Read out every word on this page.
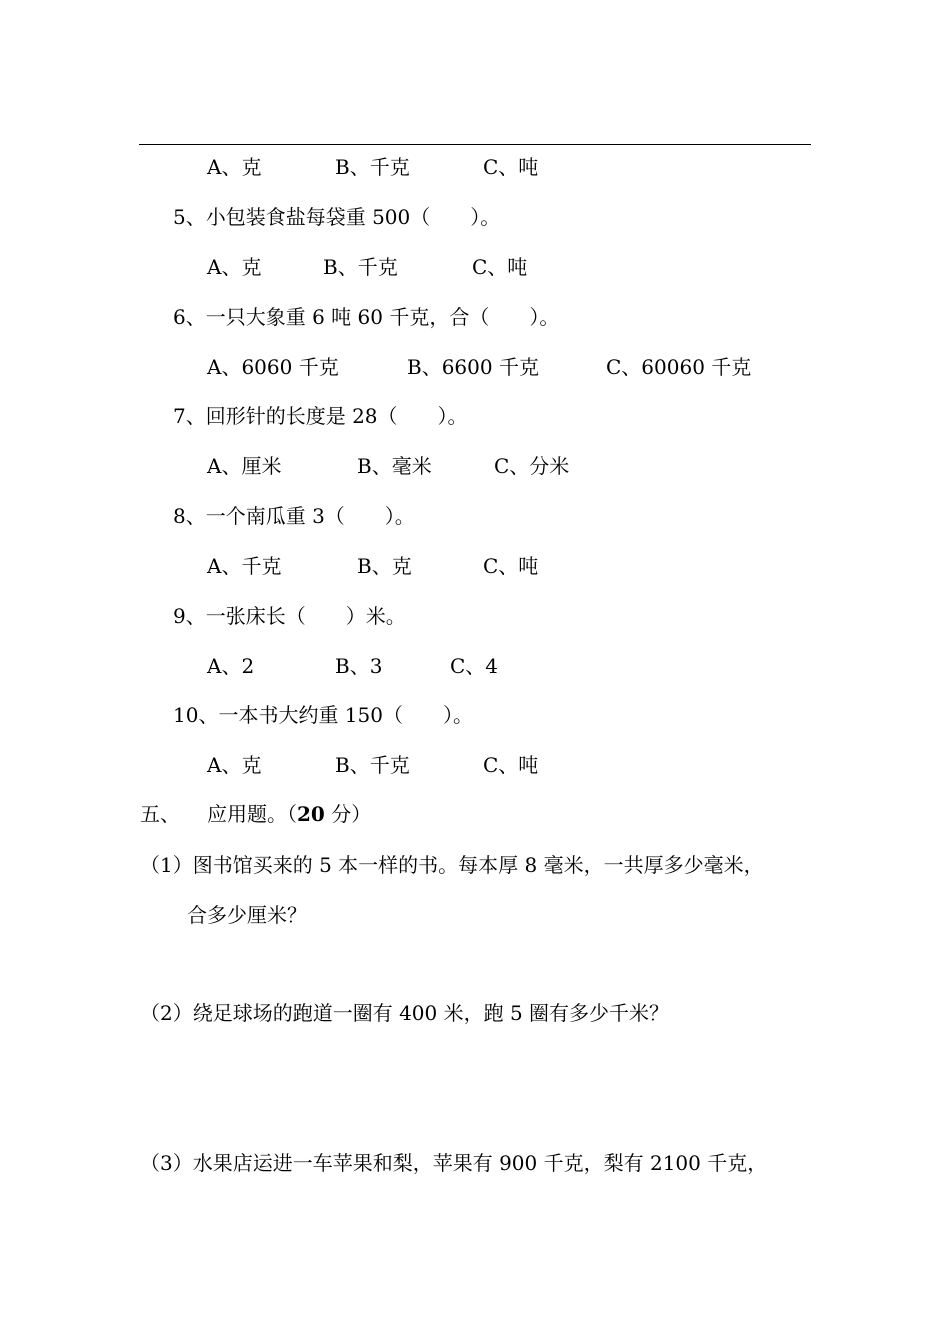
A、克	B、千克	C、吨
5、小包装食盐每袋重 500（　　）。
A、克	B、千克	C、吨
6、一只大象重 6 吨 60 千克，合（　　）。
A、6060 千克	B、6600 千克	C、60060 千克
7、回形针的长度是 28（　　）。
A、厘米	B、毫米	C、分米
8、一个南瓜重 3（　　）。
A、千克	B、克	C、吨
9、一张床长（　　）米。
A、2	B、3	C、4
10、一本书大约重 150（　　）。
A、克	B、千克	C、吨
五、 应用题。（20 分）
（1）图书馆买来的 5 本一样的书。每本厚 8 毫米，一共厚多少毫米，
合多少厘米？
（2）绕足球场的跑道一圈有 400 米，跑 5 圈有多少千米？
（3）水果店运进一车苹果和梨，苹果有 900 千克，梨有 2100 千克，
